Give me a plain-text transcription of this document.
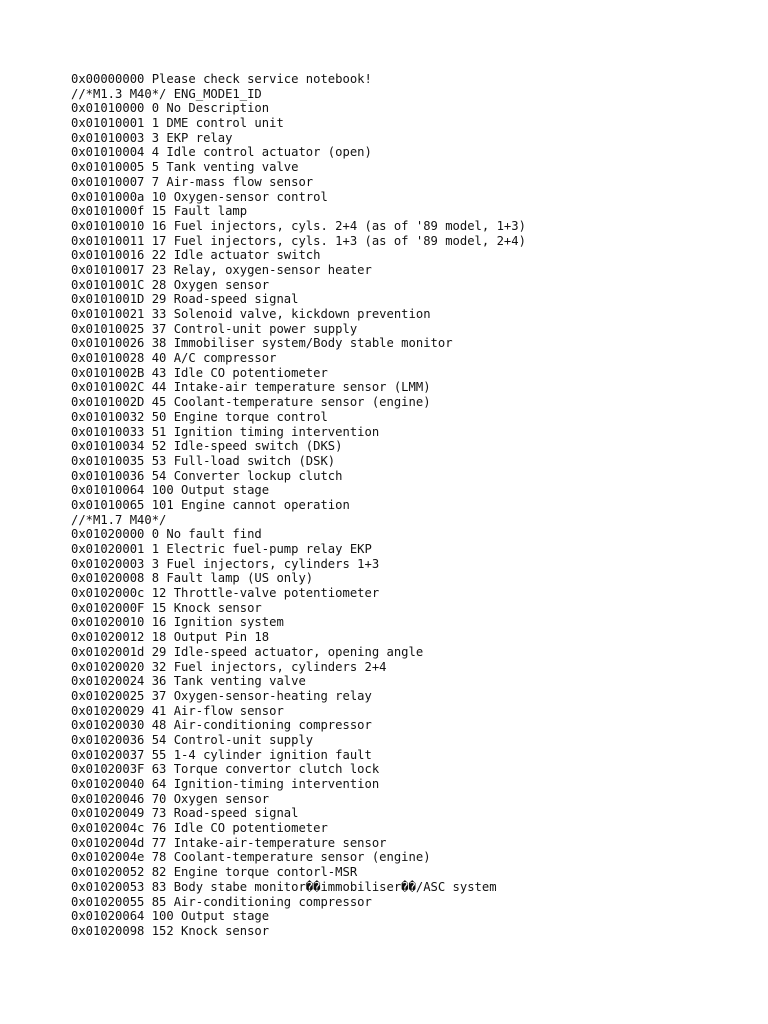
0x00000000 Please check service notebook!
//*M1.3 M40*/ ENG_MODE1_ID
0x01010000 0 No Description
0x01010001 1 DME control unit
0x01010003 3 EKP relay
0x01010004 4 Idle control actuator (open)
0x01010005 5 Tank venting valve
0x01010007 7 Air-mass flow sensor
0x0101000a 10 Oxygen-sensor control
0x0101000f 15 Fault lamp
0x01010010 16 Fuel injectors, cyls. 2+4 (as of '89 model, 1+3)
0x01010011 17 Fuel injectors, cyls. 1+3 (as of '89 model, 2+4)
0x01010016 22 Idle actuator switch
0x01010017 23 Relay, oxygen-sensor heater
0x0101001C 28 Oxygen sensor
0x0101001D 29 Road-speed signal
0x01010021 33 Solenoid valve, kickdown prevention
0x01010025 37 Control-unit power supply
0x01010026 38 Immobiliser system/Body stable monitor
0x01010028 40 A/C compressor
0x0101002B 43 Idle CO potentiometer
0x0101002C 44 Intake-air temperature sensor (LMM)
0x0101002D 45 Coolant-temperature sensor (engine)
0x01010032 50 Engine torque control
0x01010033 51 Ignition timing intervention
0x01010034 52 Idle-speed switch (DKS)
0x01010035 53 Full-load switch (DSK)
0x01010036 54 Converter lockup clutch
0x01010064 100 Output stage
0x01010065 101 Engine cannot operation
//*M1.7 M40*/
0x01020000 0 No fault find
0x01020001 1 Electric fuel-pump relay EKP
0x01020003 3 Fuel injectors, cylinders 1+3
0x01020008 8 Fault lamp (US only)
0x0102000c 12 Throttle-valve potentiometer
0x0102000F 15 Knock sensor
0x01020010 16 Ignition system
0x01020012 18 Output Pin 18
0x0102001d 29 Idle-speed actuator, opening angle
0x01020020 32 Fuel injectors, cylinders 2+4
0x01020024 36 Tank venting valve
0x01020025 37 Oxygen-sensor-heating relay
0x01020029 41 Air-flow sensor
0x01020030 48 Air-conditioning compressor
0x01020036 54 Control-unit supply
0x01020037 55 1-4 cylinder ignition fault
0x0102003F 63 Torque convertor clutch lock
0x01020040 64 Ignition-timing intervention
0x01020046 70 Oxygen sensor
0x01020049 73 Road-speed signal
0x0102004c 76 Idle CO potentiometer
0x0102004d 77 Intake-air-temperature sensor
0x0102004e 78 Coolant-temperature sensor (engine)
0x01020052 82 Engine torque contorl-MSR
0x01020053 83 Body stabe monitor��immobiliser��/ASC system
0x01020055 85 Air-conditioning compressor
0x01020064 100 Output stage
0x01020098 152 Knock sensor
